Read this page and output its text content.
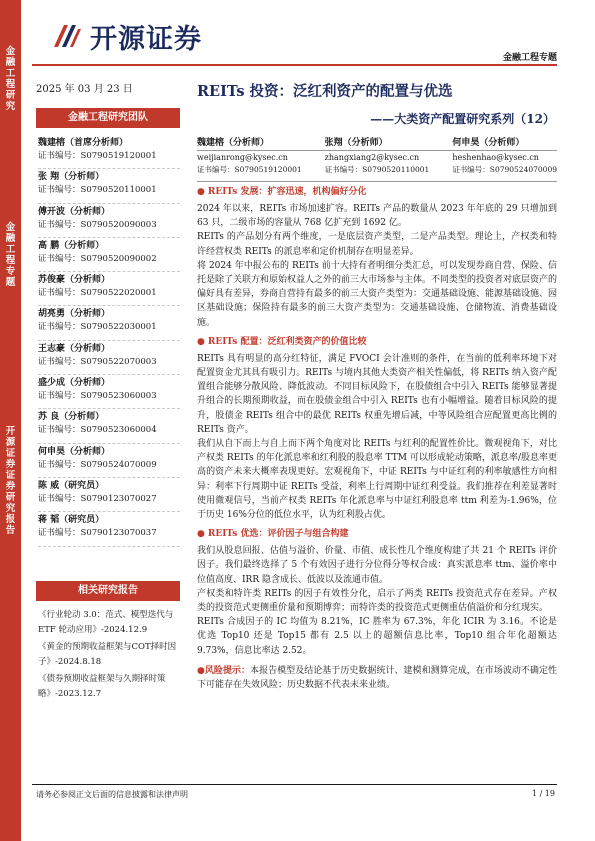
金融工程研究
金融工程专题
开源证券 证券研究报告
开源证券
金融工程专题
2025 年 03 月 23 日
金融工程研究团队
魏建榕（首席分析师）
证书编号：S0790519120001
张 翔（分析师）
证书编号：S0790520110001
傅开波（分析师）
证书编号：S0790520090003
高 鹏（分析师）
证书编号：S0790520090002
苏俊豪（分析师）
证书编号：S0790522020001
胡亮勇（分析师）
证书编号：S0790522030001
王志豪（分析师）
证书编号：S0790522070003
盛少成（分析师）
证书编号：S0790523060003
苏 良（分析师）
证书编号：S0790523060004
何申昊（分析师）
证书编号：S0790524070009
陈 威（研究员）
证书编号：S0790123070027
蒋 韬（研究员）
证书编号：S0790123070037
相关研究报告
《行业轮动 3.0：范式、模型迭代与 ETF 轮动应用》-2024.12.9
《黄金的预期收益框架与COT择时因子》-2024.8.18
《债券预期收益框架与久期择时策略》-2023.12.7
REITs 投资：泛红利资产的配置与优选
——大类资产配置研究系列（12）
魏建榕（分析师）
weijianrong@kysec.cn
证书编号：S0790519120001
张翔（分析师）
zhangxiang2@kysec.cn
证书编号：S0790520110001
何申昊（分析师）
heshenhao@kysec.cn
证书编号：S0790524070009
● REITs 发展：扩容迅速，机构偏好分化

2024 年以来，REITs 市场加速扩容。REITs 产品的数量从 2023 年年底的 29 只增加到 63 只，二级市场的容量从 768 亿扩充到 1692 亿。

REITs 的产品划分有两个维度，一是底层资产类型，二是产品类型。理论上，产权类和特许经营权类 REITs 的派息率和定价机制存在明显差异。

将 2024 年中报公布的 REITs 前十大持有者明细分类汇总，可以发现券商自营、保险、信托是除了关联方和原始权益人之外的前三大市场参与主体。不同类型的投资者对底层资产的偏好具有差异，券商自营持有最多的前三大资产类型为：交通基础设施、能源基础设施、园区基础设施；保险持有最多的前三大资产类型为：交通基础设施、仓储物流、消费基础设施。

● REITs 配置：泛红利类资产的价值比较

REITs 具有明显的高分红特征，满足 FVOCI 会计准则的条件，在当前的低利率环境下对配置资金尤其具有吸引力。REITs 与境内其他大类资产相关性偏低，将 REITs 纳入资产配置组合能够分散风险、降低波动。不同目标风险下，在股债组合中引入 REITs 能够显著提升组合的长期预期收益，而在股债金组合中引入 REITs 也有小幅增益。随着目标风险的提升，股债金 REITs 组合中的最优 REITs 权重先增后减，中等风险组合应配置更高比例的 REITs 资产。

我们从自下而上与自上而下两个角度对比 REITs 与红利的配置性价比。微观视角下，对比产权类 REITs 的年化派息率和红利股的股息率 TTM 可以形成轮动策略，派息率/股息率更高的资产未来大概率表现更好。宏观视角下，中证 REITs 与中证红利的利率敏感性方向相异：利率下行周期中证 REITs 受益，利率上行周期中证红利受益。我们推荐在利差显著时使用微观信号，当前产权类 REITs 年化派息率与中证红利股息率 ttm 利差为-1.96%，位于历史 16%分位的低位水平，认为红利股占优。

● REITs 优选：评价因子与组合构建

我们从股息回报、估值与溢价、价量、市值、成长性几个维度构建了共 21 个 REITs 评价因子。我们最终选择了 5 个有效因子进行分位得分等权合成：真实派息率 ttm、溢价率中位值高度、IRR 隐含成长、低波以及流通市值。

产权类和特许类 REITs 的因子有效性分化，启示了两类 REITs 投资范式存在差异。产权类的投资范式更侧重价量和预期博弈；而特许类的投资范式更侧重估值溢价和分红现实。

REITs 合成因子的 IC 均值为 8.21%，IC 胜率为 67.3%，年化 ICIR 为 3.16。不论是优选 Top10 还是 Top15 都有 2.5 以上的超额信息比率，Top10 组合年化超额达 9.73%，信息比率达 2.52。

●风险提示：本报告模型及结论基于历史数据统计、建模和测算完成，在市场波动不确定性下可能存在失效风险；历史数据不代表未来业绩。

请务必参阅正文后面的信息披露和法律声明	1 / 19
